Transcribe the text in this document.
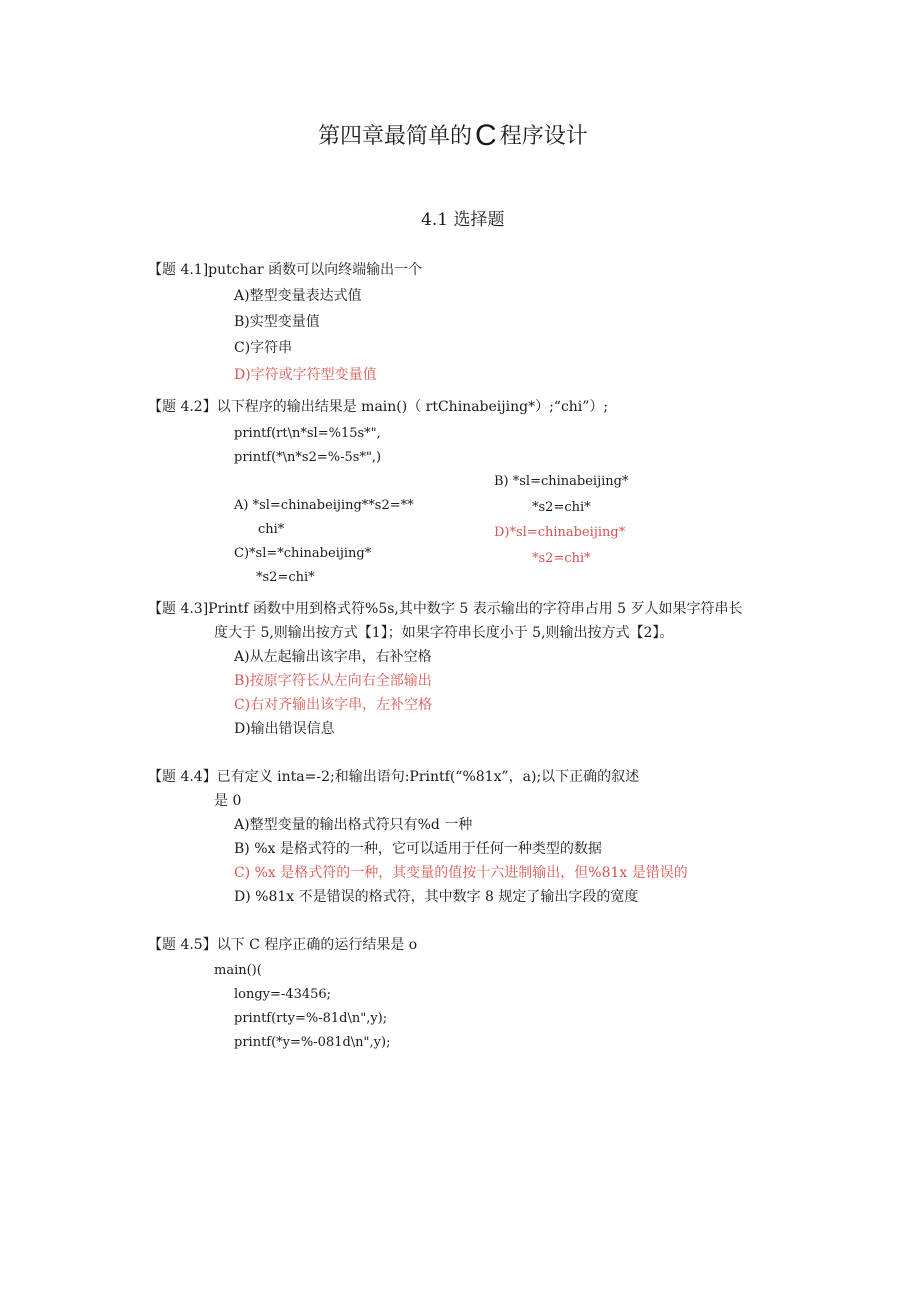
第四章最简单的 C 程序设计
4.1 选择题
【题 4.1]putchar 函数可以向终端输出一个
A)整型变量表达式值
B)实型变量值
C)字符串
D)字符或字符型变量值
【题 4.2】以下程序的输出结果是 main()（ rtChinabeijing*）;“chi”）;
printf(rt\n*sl=%15s*",
printf(*\n*s2=%-5s*",)
B) *sl=chinabeijing*
A) *sl=chinabeijing**s2=**	*s2=chi*
chi*	D)*sl=chinabeijing*
C)*sl=*chinabeijing*	*s2=chi*
*s2=chi*
【题 4.3]Printf 函数中用到格式符%5s,其中数字 5 表示输出的字符串占用 5 歹人如果字符串长
度大于 5,则输出按方式【1】；如果字符串长度小于 5,则输出按方式【2】。
A)从左起输出该字串，右补空格
B)按原字符长从左向右全部输出
C)右对齐输出该字串，左补空格
D)输出错误信息
【题 4.4】已有定义 inta=-2;和输出语句:Printf(“%81x”，a);以下正确的叙述
是 0
A)整型变量的输出格式符只有%d 一种
B) %x 是格式符的一种，它可以适用于任何一种类型的数据
C) %x 是格式符的一种，其变量的值按十六进制输出，但%81x 是错误的
D) %81x 不是错误的格式符，其中数字 8 规定了输出字段的宽度
【题 4.5】以下 C 程序正确的运行结果是 o
main()(
longy=-43456;
printf(rty=%-81d\n",y);
printf(*y=%-081d\n",y);
